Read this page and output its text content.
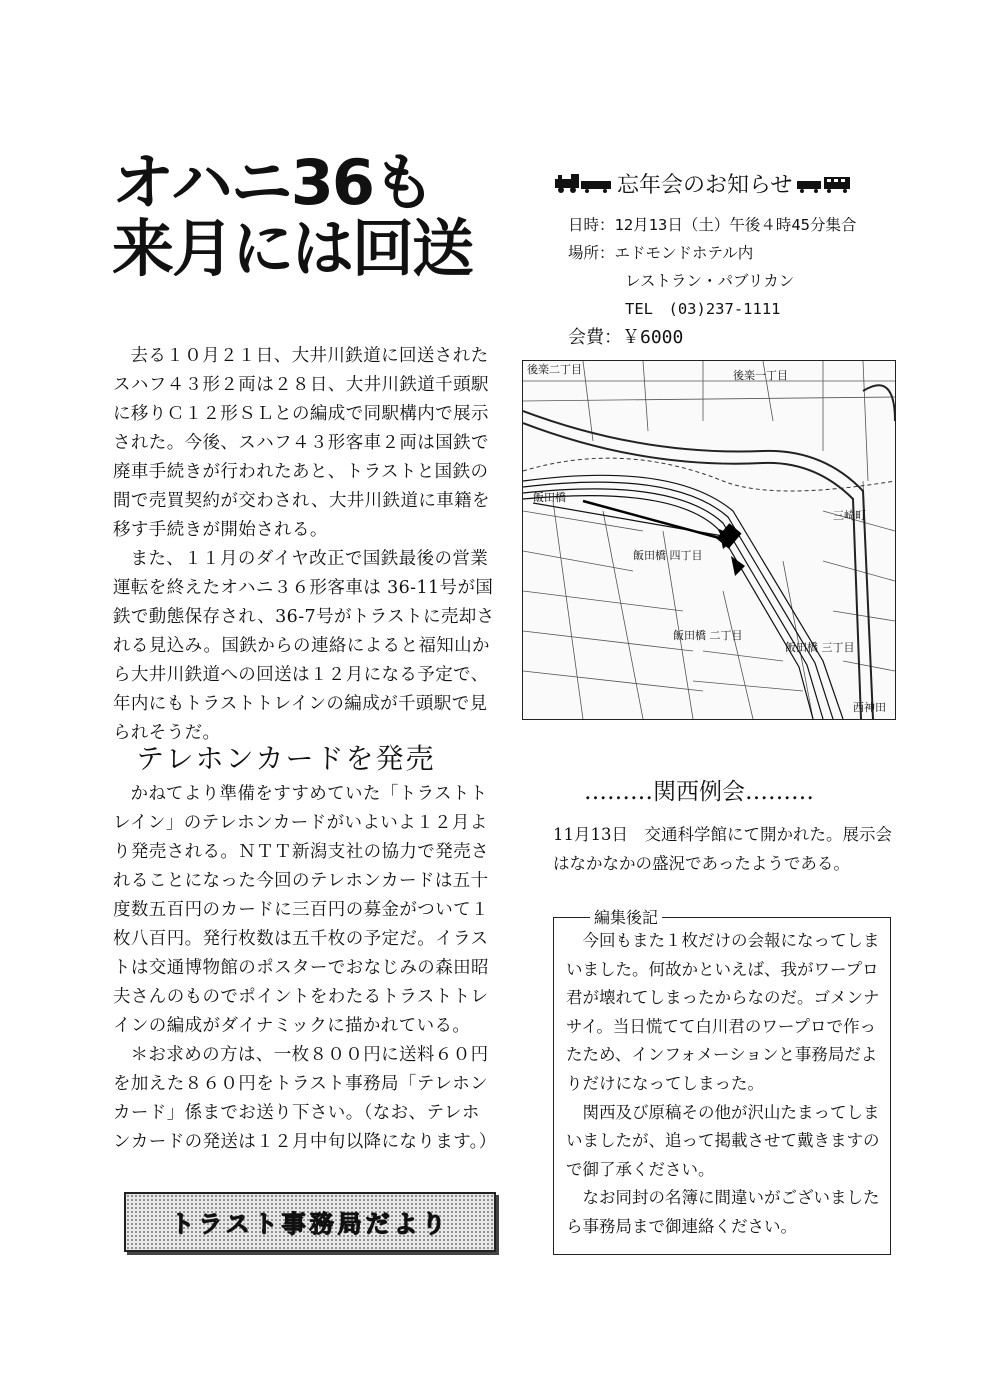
オハニ36も
来月には回送

去る１０月２１日、大井川鉄道に回送されたスハフ４３形２両は２８日、大井川鉄道千頭駅に移りＣ１２形ＳＬとの編成で同駅構内で展示された。今後、スハフ４３形客車２両は国鉄で廃車手続きが行われたあと、トラストと国鉄の間で売買契約が交わされ、大井川鉄道に車籍を移す手続きが開始される。

また、１１月のダイヤ改正で国鉄最後の営業運転を終えたオハニ３６形客車は 36-11号が国鉄で動態保存され、36-7号がトラストに売却される見込み。国鉄からの連絡によると福知山から大井川鉄道への回送は１２月になる予定で、年内にもトラストトレインの編成が千頭駅で見られそうだ。

テレホンカードを発売

かねてより準備をすすめていた「トラストトレイン」のテレホンカードがいよいよ１２月より発売される。ＮＴＴ新潟支社の協力で発売されることになった今回のテレホンカードは五十度数五百円のカードに三百円の募金がついて１枚八百円。発行枚数は五千枚の予定だ。イラストは交通博物館のポスターでおなじみの森田昭夫さんのものでポイントをわたるトラストトレインの編成がダイナミックに描かれている。

＊お求めの方は、一枚８００円に送料６０円を加えた８６０円をトラスト事務局「テレホンカード」係までお送り下さい。（なお、テレホンカードの発送は１２月中旬以降になります。）

トラスト事務局だより
忘年会のお知らせ
日時：12月13日（土）午後４時45分集合
場所：エドモンドホテル内
レストラン・パブリカン
TEL　(03)237-1111
会費：￥6000
後楽二丁目	後楽一丁目
飯田橋
飯田橋 四丁目
飯田橋 二丁目
飯田橋 三丁目
三崎町
西神田
………関西例会………
11月13日　交通科学館にて開かれた。展示会はなかなかの盛況であったようである。
編集後記

今回もまた１枚だけの会報になってしまいました。何故かといえば、我がワープロ君が壊れてしまったからなのだ。ゴメンナサイ。当日慌てて白川君のワープロで作ったため、インフォメーションと事務局だよりだけになってしまった。

関西及び原稿その他が沢山たまってしまいましたが、追って掲載させて戴きますので御了承ください。

なお同封の名簿に間違いがございましたら事務局まで御連絡ください。
